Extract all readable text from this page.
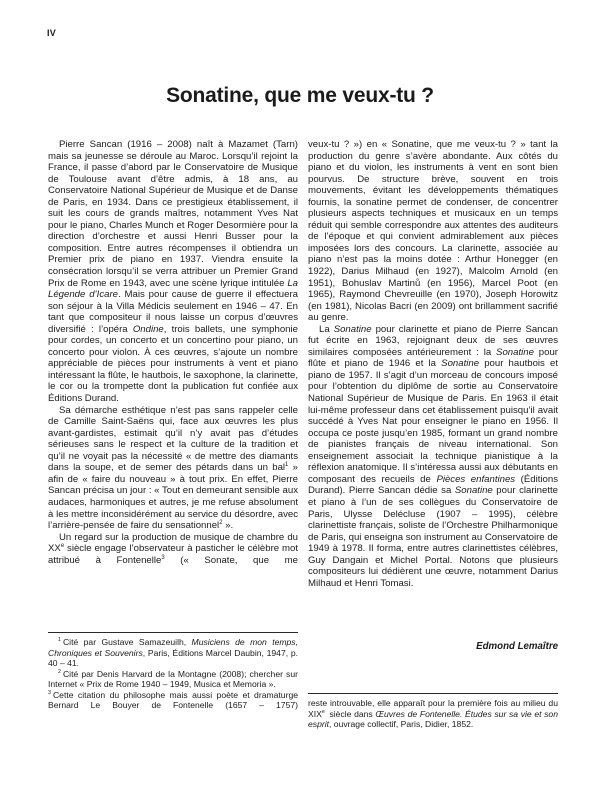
IV
Sonatine, que me veux-tu ?

Pierre Sancan (1916 – 2008) naît à Mazamet (Tarn) mais sa jeunesse se déroule au Maroc. Lorsqu’il rejoint la France, il passe d’abord par le Conservatoire de Musique de Toulouse avant d’être admis, à 18 ans, au Conservatoire National Supérieur de Musique et de Danse de Paris, en 1934. Dans ce prestigieux établissement, il suit les cours de grands maîtres, notamment Yves Nat pour le piano, Charles Munch et Roger Desormière pour la direction d’orchestre et aussi Henri Busser pour la composition. Entre autres récompenses il obtiendra un Premier prix de piano en 1937. Viendra ensuite la consécration lorsqu’il se verra attribuer un Premier Grand Prix de Rome en 1943, avec une scène lyrique intitulée La Légende d’Icare. Mais pour cause de guerre il effectuera son séjour à la Villa Médicis seulement en 1946 – 47. En tant que compositeur il nous laisse un corpus d’œuvres diversifié : l’opéra Ondine, trois ballets, une symphonie pour cordes, un concerto et un concertino pour piano, un concerto pour violon. À ces œuvres, s’ajoute un nombre appréciable de pièces pour instruments à vent et piano intéressant la flûte, le hautbois, le saxophone, la clarinette, le cor ou la trompette dont la publication fut confiée aux Éditions Durand.

Sa démarche esthétique n’est pas sans rappeler celle de Camille Saint-Saëns qui, face aux œuvres les plus avant-gardistes, estimait qu’il n’y avait pas d’études sérieuses sans le respect et la culture de la tradition et qu’il ne voyait pas la nécessité « de mettre des diamants dans la soupe, et de semer des pétards dans un bal$^1$ » afin de « faire du nouveau » à tout prix. En effet, Pierre Sancan précisa un jour : « Tout en demeurant sensible aux audaces, harmoniques et autres, je me refuse absolument à les mettre inconsidérément au service du désordre, avec l’arrière-pensée de faire du sensationnel$^2$ ».

Un regard sur la production de musique de chambre du XXe siècle engage l’observateur à pasticher le célèbre mot attribué à Fontenelle$^3$ (« Sonate, que me

veux-tu ? ») en « Sonatine, que me veux-tu ? » tant la production du genre s’avère abondante. Aux côtés du piano et du violon, les instruments à vent en sont bien pourvus. De structure brève, souvent en trois mouvements, évitant les développements thématiques fournis, la sonatine permet de condenser, de concentrer plusieurs aspects techniques et musicaux en un temps réduit qui semble correspondre aux attentes des auditeurs de l’époque et qui convient admirablement aux pièces imposées lors des concours. La clarinette, associée au piano n’est pas la moins dotée : Arthur Honegger (en 1922), Darius Milhaud (en 1927), Malcolm Arnold (en 1951), Bohuslav Martinů (en 1956), Marcel Poot (en 1965), Raymond Chevreuille (en 1970), Joseph Horowitz (en 1981), Nicolas Bacri (en 2009) ont brillamment sacrifié au genre.

La Sonatine pour clarinette et piano de Pierre Sancan fut écrite en 1963, rejoignant deux de ses œuvres similaires composées antérieurement : la Sonatine pour flûte et piano de 1946 et la Sonatine pour hautbois et piano de 1957. Il s’agit d’un morceau de concours imposé pour l’obtention du diplôme de sortie au Conservatoire National Supérieur de Musique de Paris. En 1963 il était lui-même professeur dans cet établissement puisqu’il avait succédé à Yves Nat pour enseigner le piano en 1956. Il occupa ce poste jusqu’en 1985, formant un grand nombre de pianistes français de niveau international. Son enseignement associait la technique pianistique à la réflexion anatomique. Il s’intéressa aussi aux débutants en composant des recueils de Pièces enfantines (Éditions Durand). Pierre Sancan dédie sa Sonatine pour clarinette et piano à l’un de ses collègues du Conservatoire de Paris, Ulysse Delécluse (1907 – 1995), célèbre clarinettiste français, soliste de l’Orchestre Philharmonique de Paris, qui enseigna son instrument au Conservatoire de 1949 à 1978. Il forma, entre autres clarinettistes célèbres, Guy Dangain et Michel Portal. Notons que plusieurs compositeurs lui dédièrent une œuvre, notamment Darius Milhaud et Henri Tomasi.

Edmond Lemaître

$^1$ Cité par Gustave Samazeuilh, Musiciens de mon temps, Chroniques et Souvenirs, Paris, Éditions Marcel Daubin, 1947, p. 40 – 41.

$^2$ Cité par Denis Harvard de la Montagne (2008); chercher sur Internet « Prix de Rome 1940 – 1949, Musica et Memoria ».

$^3$ Cette citation du philosophe mais aussi poète et dramaturge Bernard Le Bouyer de Fontenelle (1657 – 1757) reste introuvable, elle apparaît pour la première fois au milieu du XIXe siècle dans Œuvres de Fontenelle. Études sur sa vie et son esprit, ouvrage collectif, Paris, Didier, 1852.
